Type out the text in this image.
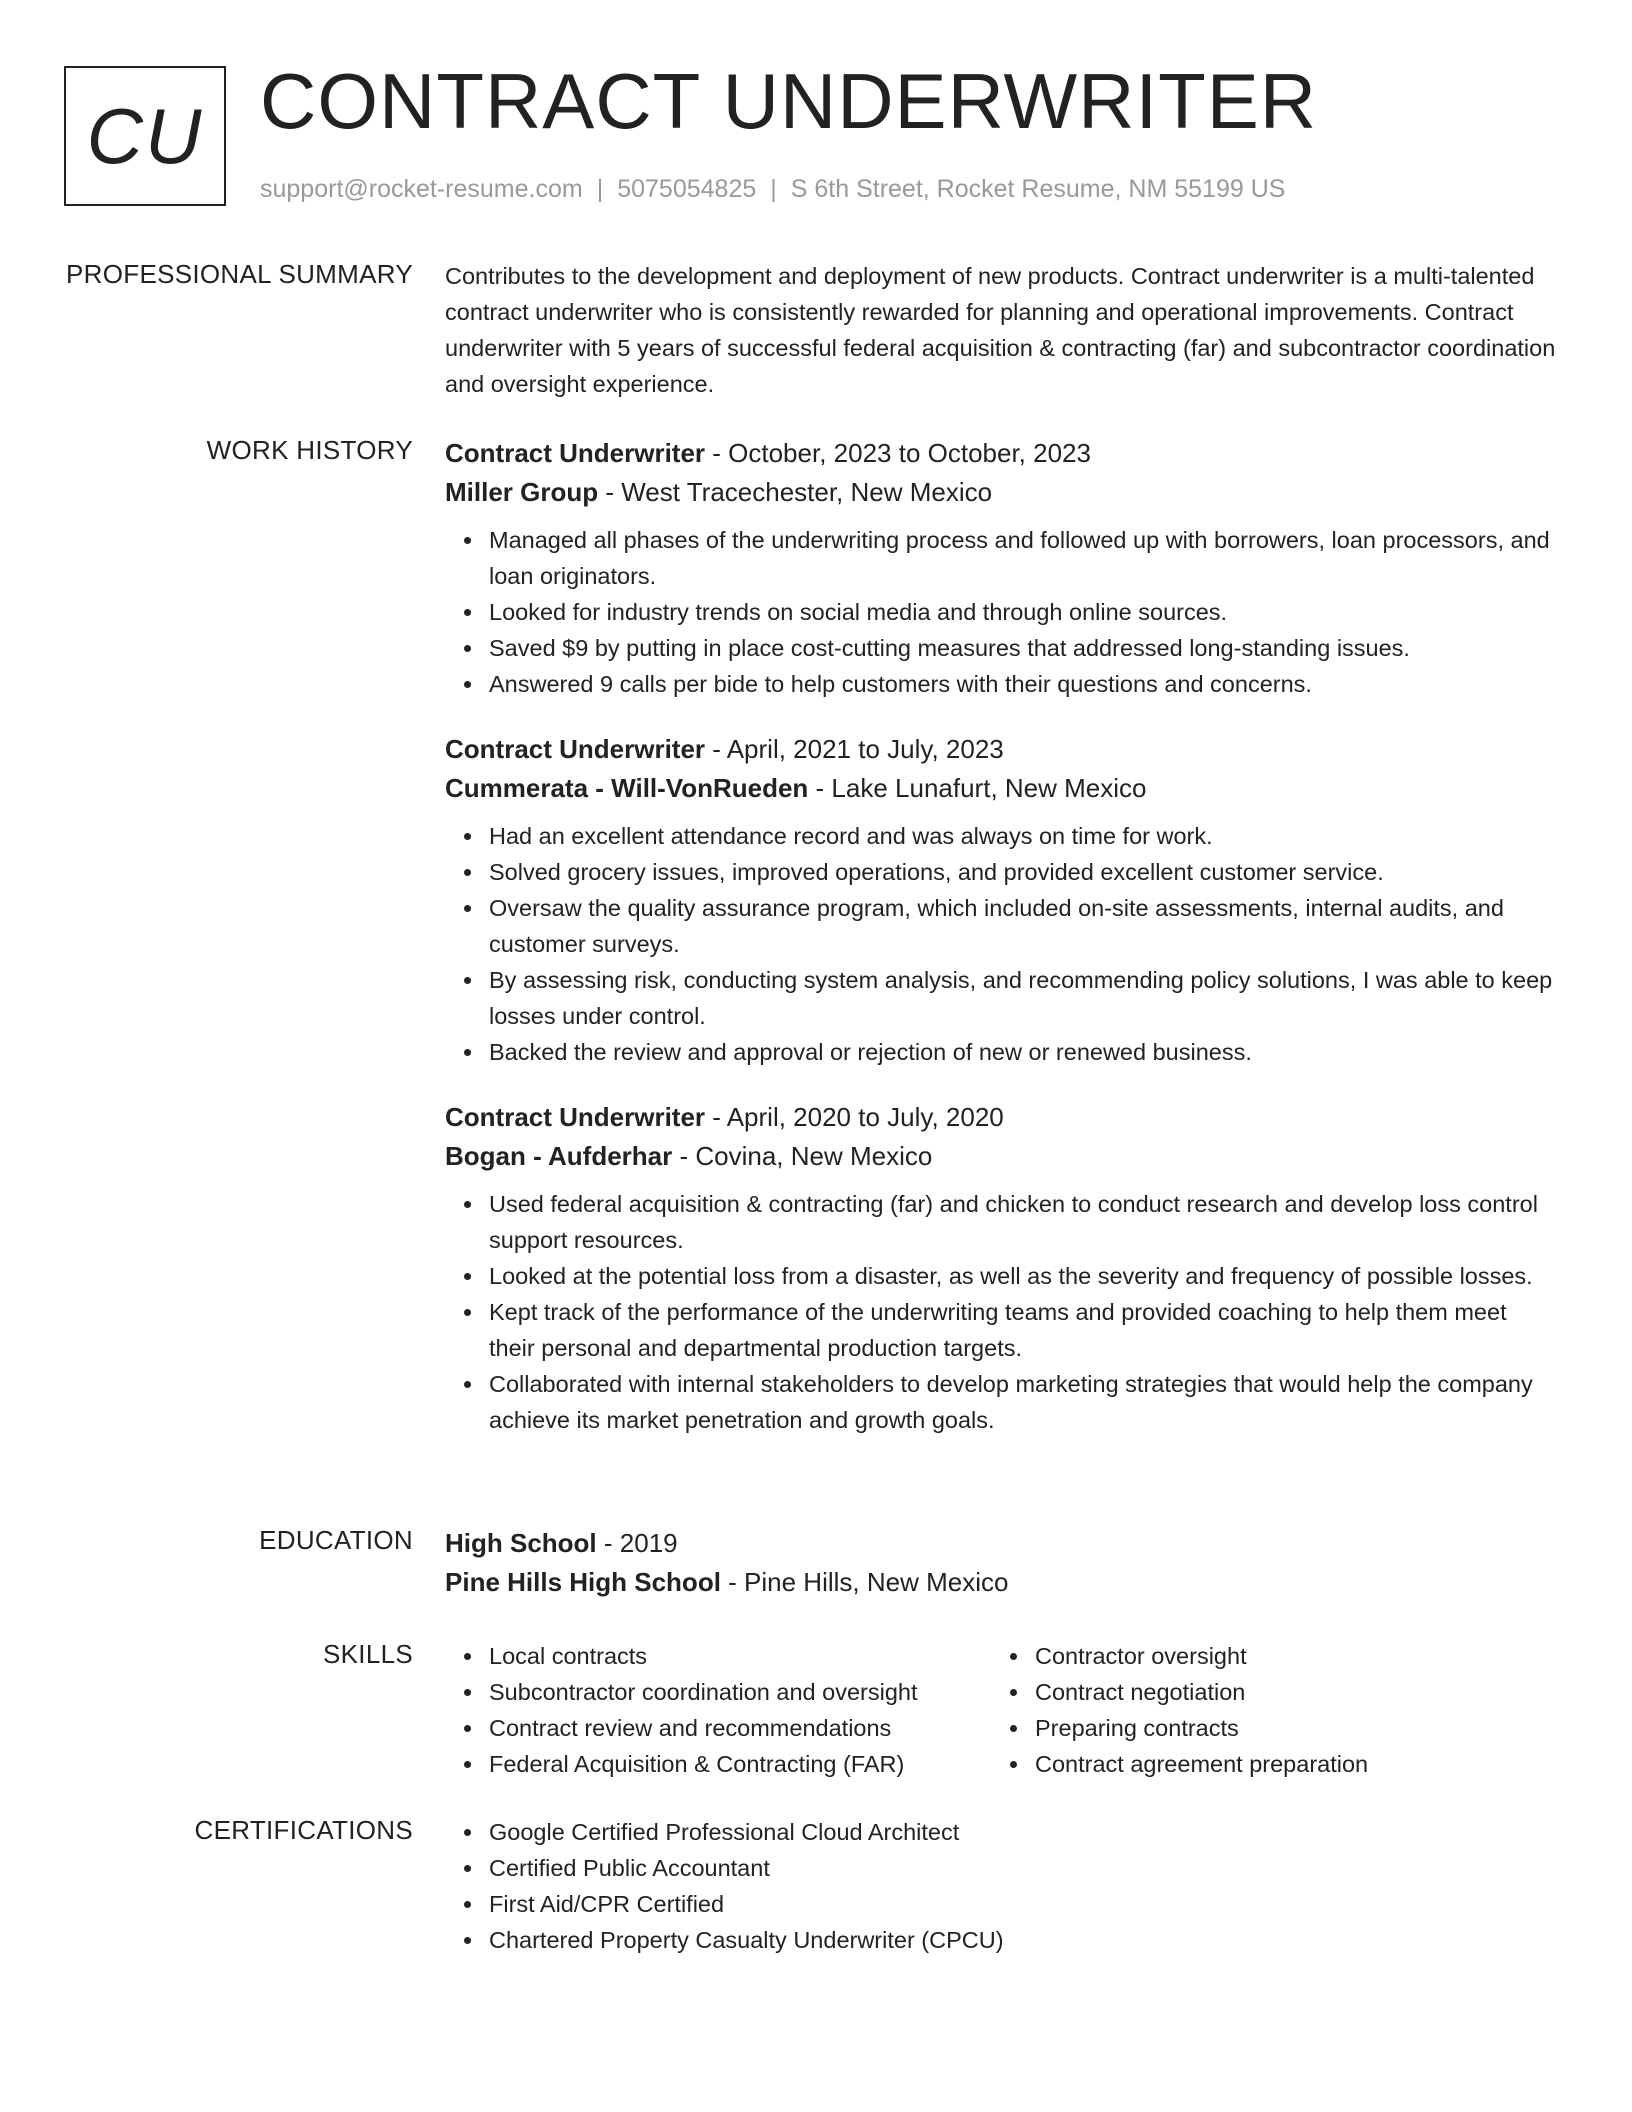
CU CONTRACT UNDERWRITER
support@rocket-resume.com | 5075054825 | S 6th Street, Rocket Resume, NM 55199 US
PROFESSIONAL SUMMARY Contributes to the development and deployment of new products. Contract underwriter is a multi-talented contract underwriter who is consistently rewarded for planning and operational improvements. Contract underwriter with 5 years of successful federal acquisition & contracting (far) and subcontractor coordination and oversight experience.

WORK HISTORY Contract Underwriter - October, 2023 to October, 2023
Miller Group - West Tracechester, New Mexico
Managed all phases of the underwriting process and followed up with borrowers, loan processors, and loan originators.
Looked for industry trends on social media and through online sources.
Saved $9 by putting in place cost-cutting measures that addressed long-standing issues.
Answered 9 calls per bide to help customers with their questions and concerns.
Contract Underwriter - April, 2021 to July, 2023
Cummerata - Will-VonRueden - Lake Lunafurt, New Mexico
Had an excellent attendance record and was always on time for work.
Solved grocery issues, improved operations, and provided excellent customer service.
Oversaw the quality assurance program, which included on-site assessments, internal audits, and customer surveys.
By assessing risk, conducting system analysis, and recommending policy solutions, I was able to keep losses under control.
Backed the review and approval or rejection of new or renewed business.
Contract Underwriter - April, 2020 to July, 2020
Bogan - Aufderhar - Covina, New Mexico
Used federal acquisition & contracting (far) and chicken to conduct research and develop loss control support resources.
Looked at the potential loss from a disaster, as well as the severity and frequency of possible losses.
Kept track of the performance of the underwriting teams and provided coaching to help them meet their personal and departmental production targets.
Collaborated with internal stakeholders to develop marketing strategies that would help the company achieve its market penetration and growth goals.
EDUCATION High School - 2019
Pine Hills High School - Pine Hills, New Mexico
SKILLS	Local contracts
Subcontractor coordination and oversight
Contract review and recommendations
Federal Acquisition & Contracting (FAR)
Contractor oversight
Contract negotiation
Preparing contracts
Contract agreement preparation
CERTIFICATIONS	Google Certified Professional Cloud Architect
Certified Public Accountant
First Aid/CPR Certified
Chartered Property Casualty Underwriter (CPCU)
